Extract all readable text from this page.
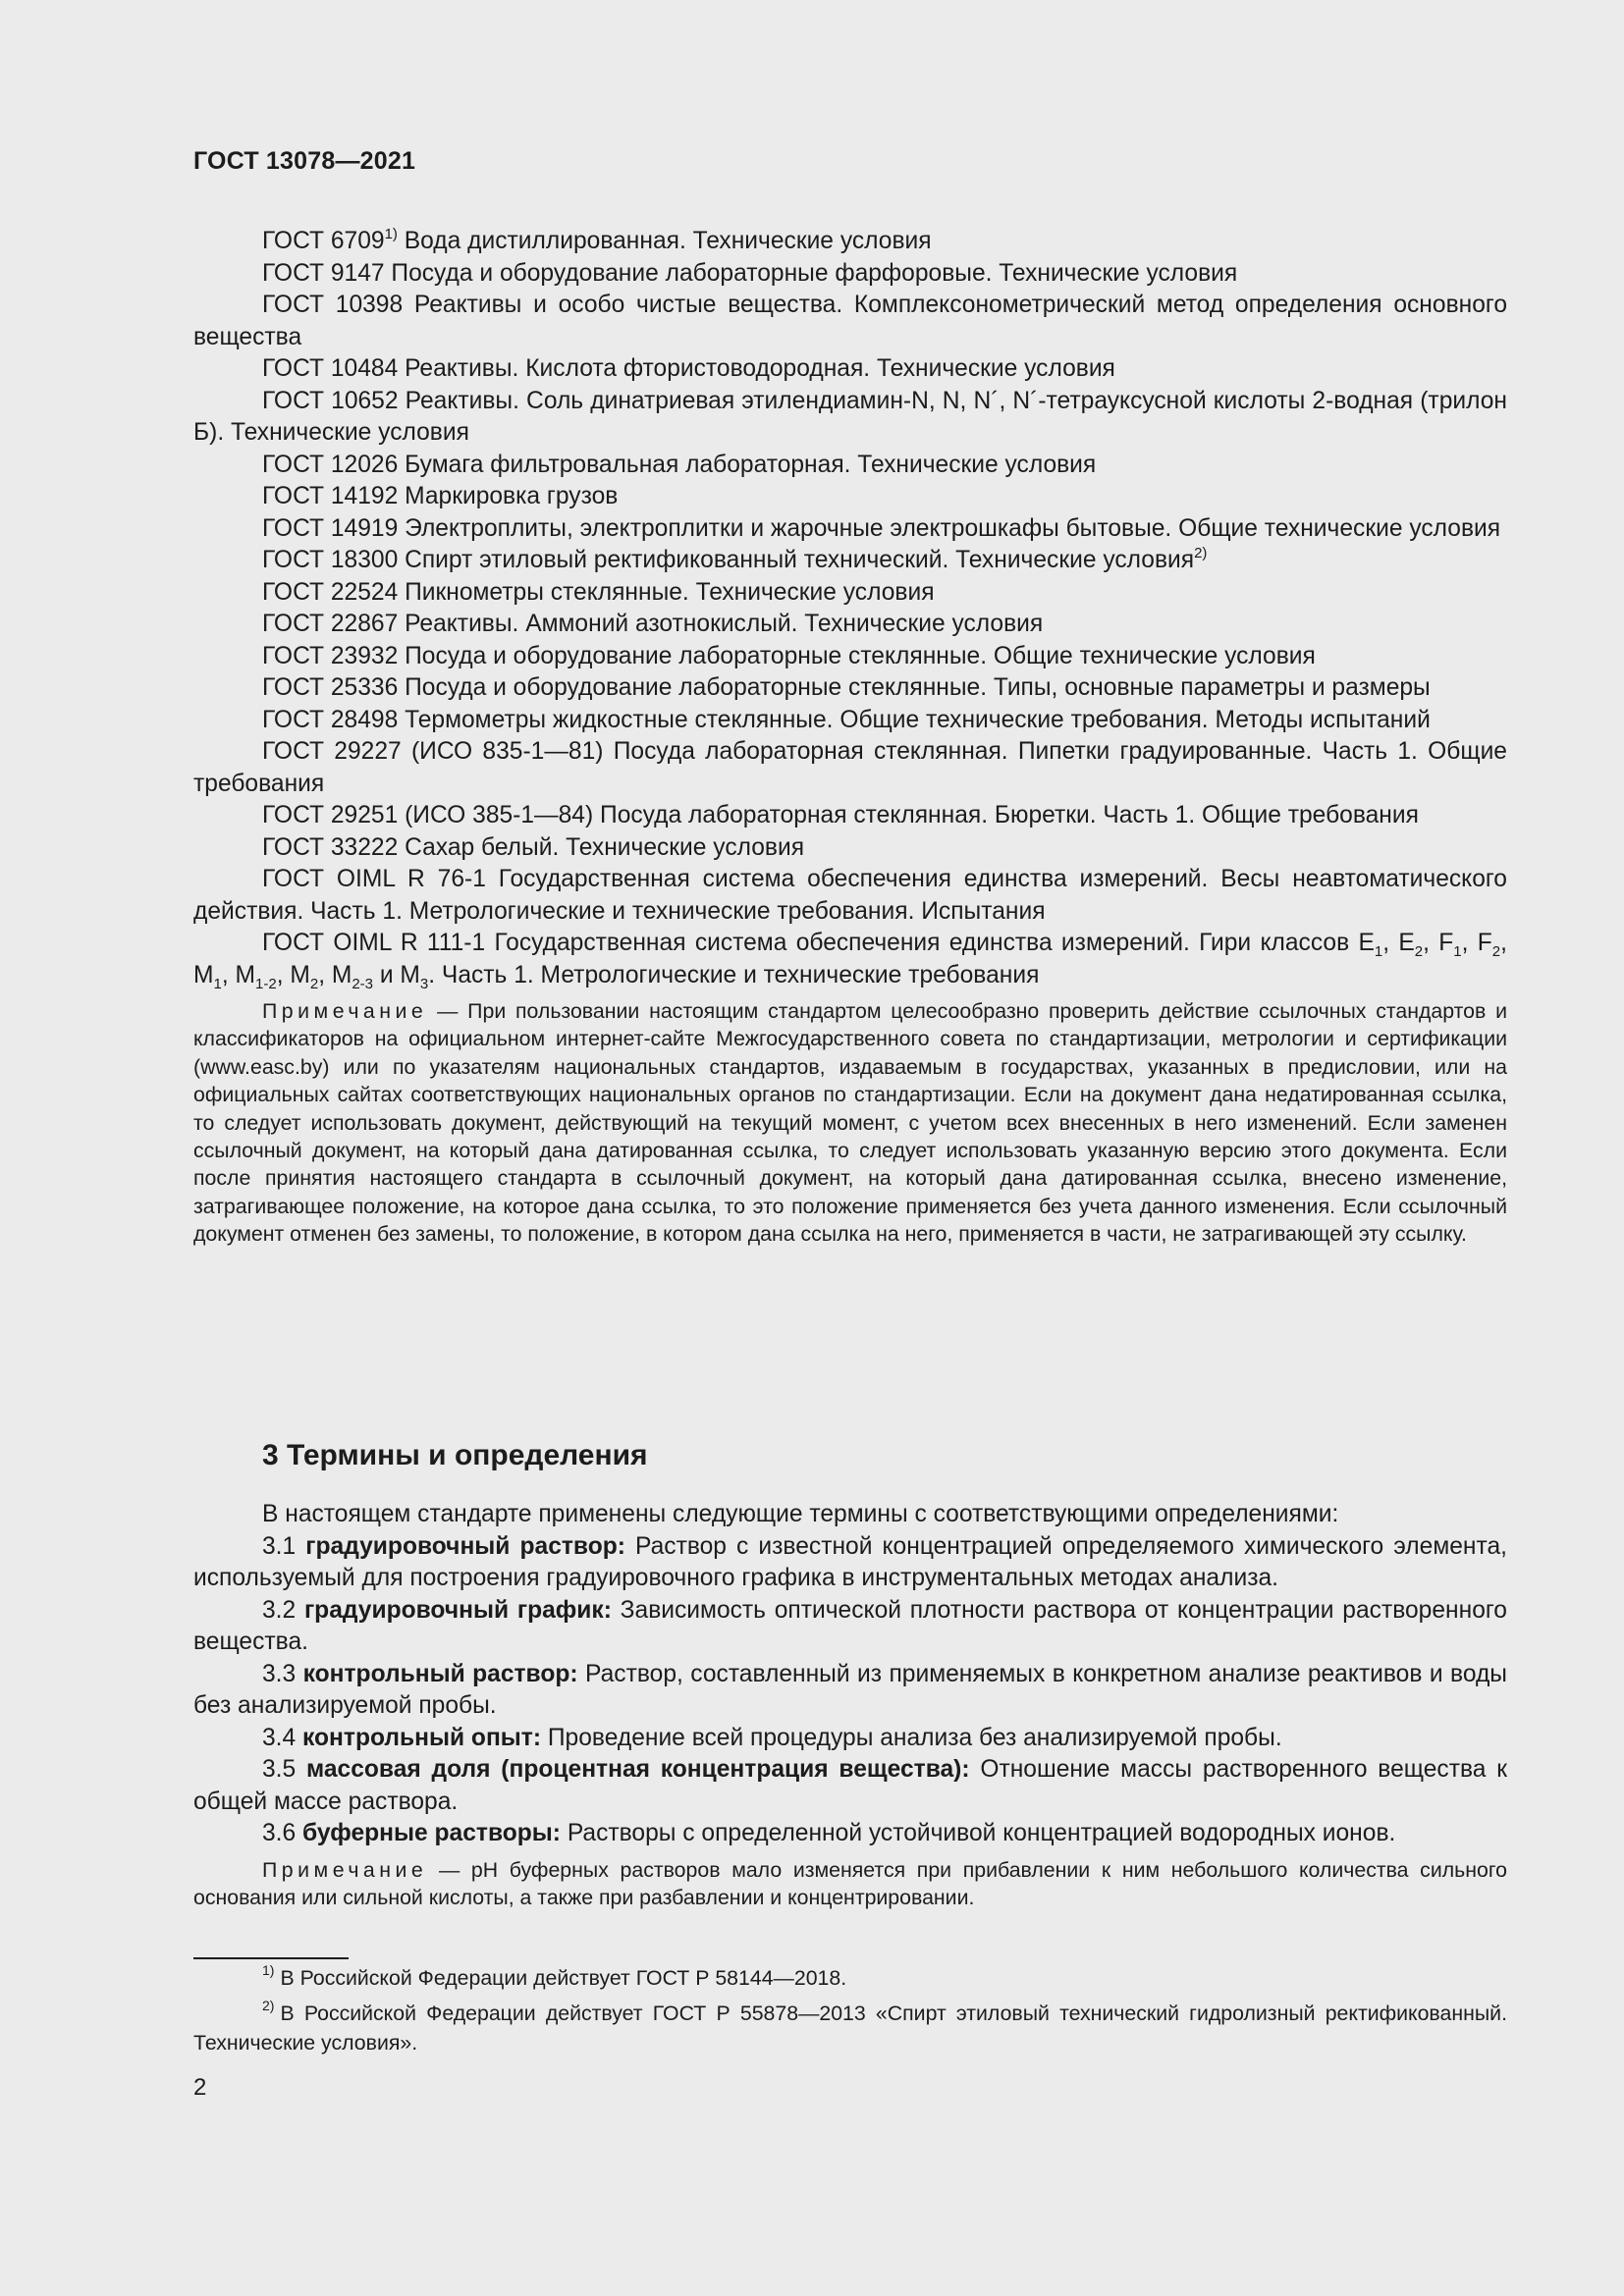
ГОСТ 13078—2021

ГОСТ 6709$^{1)}$ Вода дистиллированная. Технические условия

ГОСТ 9147 Посуда и оборудование лабораторные фарфоровые. Технические условия

ГОСТ 10398 Реактивы и особо чистые вещества. Комплексонометрический метод определения основного вещества

ГОСТ 10484 Реактивы. Кислота фтористоводородная. Технические условия

ГОСТ 10652 Реактивы. Соль динатриевая этилендиамин-N, N, N´, N´-тетрауксусной кислоты 2-водная (трилон Б). Технические условия

ГОСТ 12026 Бумага фильтровальная лабораторная. Технические условия

ГОСТ 14192 Маркировка грузов

ГОСТ 14919 Электроплиты, электроплитки и жарочные электрошкафы бытовые. Общие технические условия

ГОСТ 18300 Спирт этиловый ректификованный технический. Технические условия$^{2)}$

ГОСТ 22524 Пикнометры стеклянные. Технические условия

ГОСТ 22867 Реактивы. Аммоний азотнокислый. Технические условия

ГОСТ 23932 Посуда и оборудование лабораторные стеклянные. Общие технические условия

ГОСТ 25336 Посуда и оборудование лабораторные стеклянные. Типы, основные параметры и размеры

ГОСТ 28498 Термометры жидкостные стеклянные. Общие технические требования. Методы испытаний

ГОСТ 29227 (ИСО 835-1—81) Посуда лабораторная стеклянная. Пипетки градуированные. Часть 1. Общие требования

ГОСТ 29251 (ИСО 385-1—84) Посуда лабораторная стеклянная. Бюретки. Часть 1. Общие требования

ГОСТ 33222 Сахар белый. Технические условия

ГОСТ OIML R 76-1 Государственная система обеспечения единства измерений. Весы неавтоматического действия. Часть 1. Метрологические и технические требования. Испытания

ГОСТ OIML R 111-1 Государственная система обеспечения единства измерений. Гири классов $E_1$, $E_2$, $F_1$, $F_2$, $M_1$, $M_{1-2}$, $M_2$, $M_{2-3}$ и $M_3$. Часть 1. Метрологические и технические требования

Примечание — При пользовании настоящим стандартом целесообразно проверить действие ссылочных стандартов и классификаторов на официальном интернет-сайте Межгосударственного совета по стандартизации, метрологии и сертификации (www.easc.by) или по указателям национальных стандартов, издаваемым в государствах, указанных в предисловии, или на официальных сайтах соответствующих национальных органов по стандартизации. Если на документ дана недатированная ссылка, то следует использовать документ, действующий на текущий момент, с учетом всех внесенных в него изменений. Если заменен ссылочный документ, на который дана датированная ссылка, то следует использовать указанную версию этого документа. Если после принятия настоящего стандарта в ссылочный документ, на который дана датированная ссылка, внесено изменение, затрагивающее положение, на которое дана ссылка, то это положение применяется без учета данного изменения. Если ссылочный документ отменен без замены, то положение, в котором дана ссылка на него, применяется в части, не затрагивающей эту ссылку.

3 Термины и определения

В настоящем стандарте применены следующие термины с соответствующими определениями:

3.1 градуировочный раствор: Раствор с известной концентрацией определяемого химического элемента, используемый для построения градуировочного графика в инструментальных методах анализа.

3.2 градуировочный график: Зависимость оптической плотности раствора от концентрации растворенного вещества.

3.3 контрольный раствор: Раствор, составленный из применяемых в конкретном анализе реактивов и воды без анализируемой пробы.

3.4 контрольный опыт: Проведение всей процедуры анализа без анализируемой пробы.

3.5 массовая доля (процентная концентрация вещества): Отношение массы растворенного вещества к общей массе раствора.

3.6 буферные растворы: Растворы с определенной устойчивой концентрацией водородных ионов.

Примечание — pH буферных растворов мало изменяется при прибавлении к ним небольшого количества сильного основания или сильной кислоты, а также при разбавлении и концентрировании.

$^{1)}$ В Российской Федерации действует ГОСТ Р 58144—2018.

$^{2)}$ В Российской Федерации действует ГОСТ Р 55878—2013 «Спирт этиловый технический гидролизный ректификованный. Технические условия».

2
